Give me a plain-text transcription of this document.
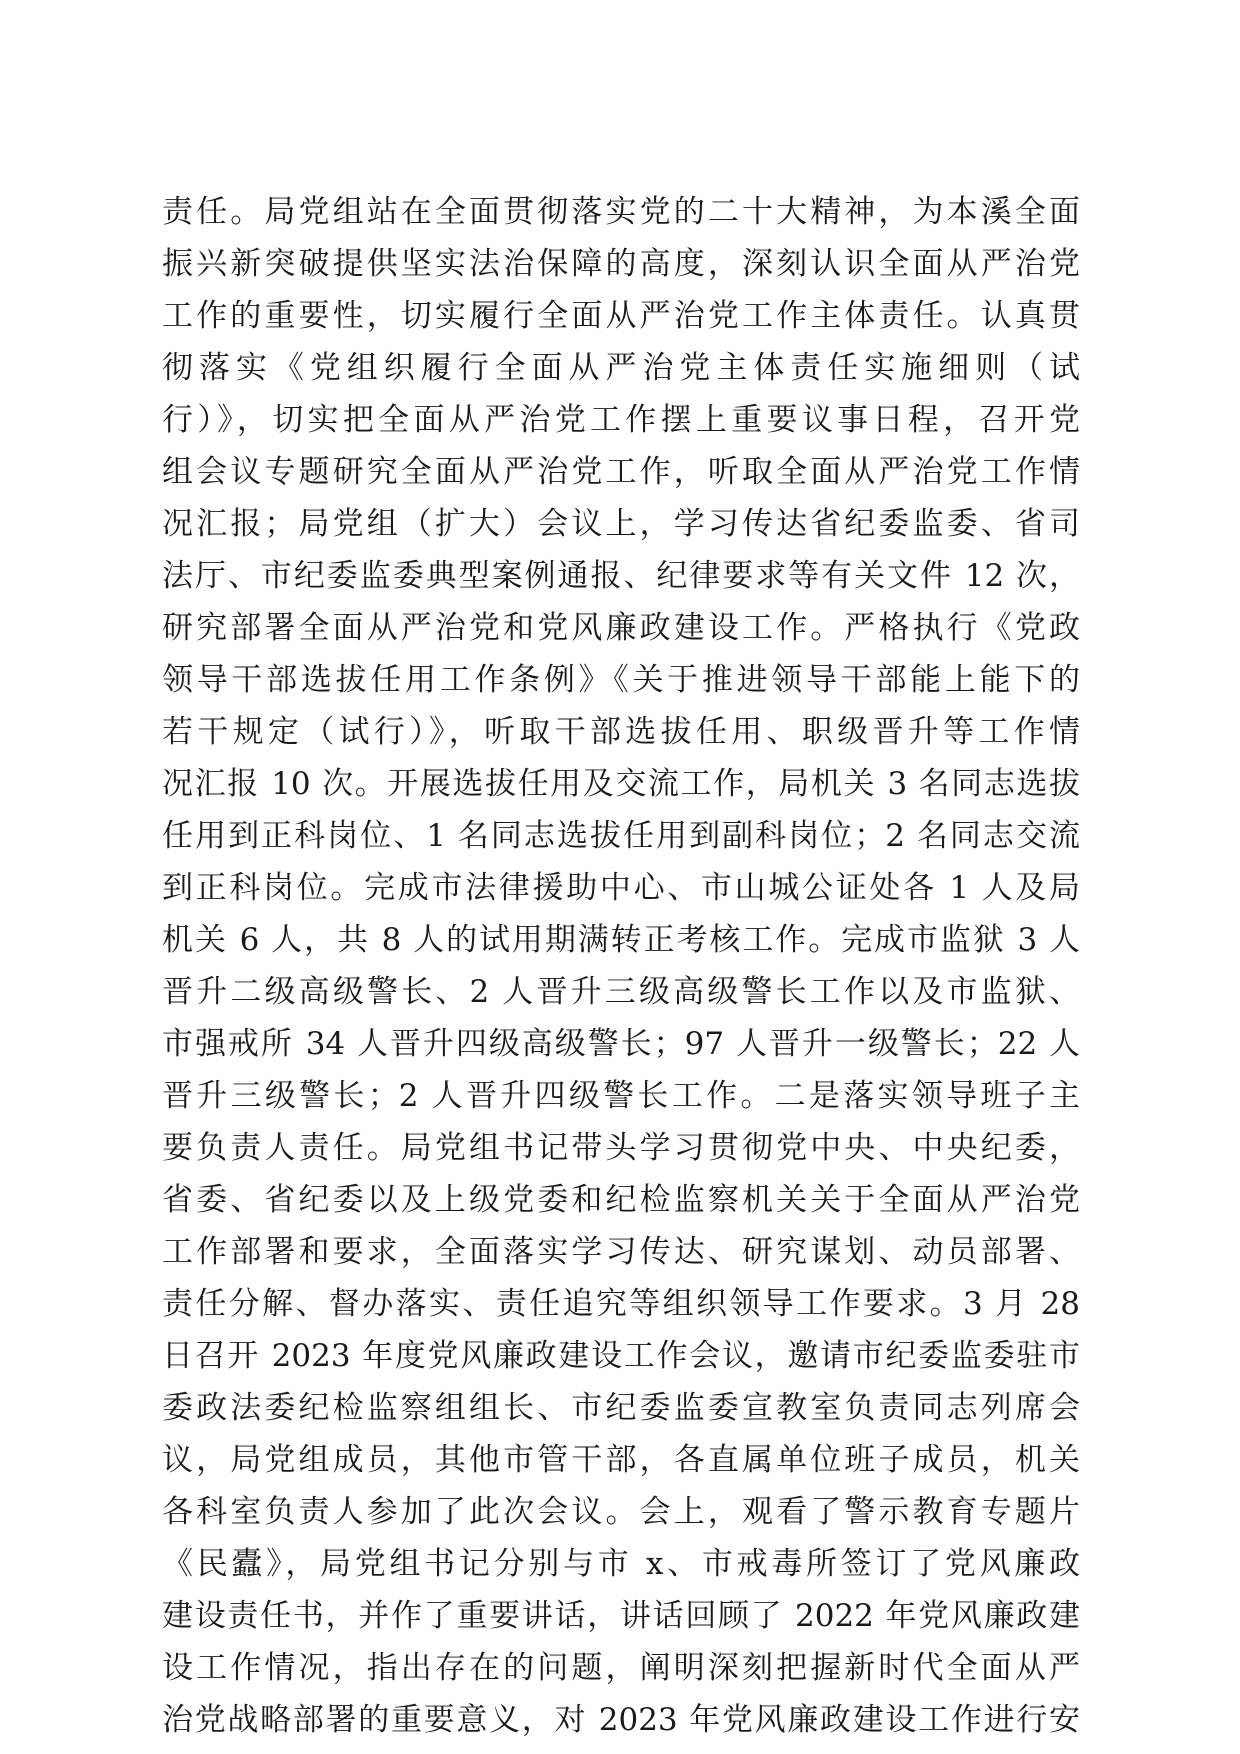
责任。局党组站在全面贯彻落实党的二十大精神，为本溪全面
振兴新突破提供坚实法治保障的高度，深刻认识全面从严治党
工作的重要性，切实履行全面从严治党工作主体责任。认真贯
彻落实《党组织履行全面从严治党主体责任实施细则（试
行）》，切实把全面从严治党工作摆上重要议事日程，召开党
组会议专题研究全面从严治党工作，听取全面从严治党工作情
况汇报；局党组（扩大）会议上，学习传达省纪委监委、省司
法厅、市纪委监委典型案例通报、纪律要求等有关文件 12 次，
研究部署全面从严治党和党风廉政建设工作。严格执行《党政
领导干部选拔任用工作条例》《关于推进领导干部能上能下的
若干规定（试行）》，听取干部选拔任用、职级晋升等工作情
况汇报 10 次。开展选拔任用及交流工作，局机关 3 名同志选拔
任用到正科岗位、1 名同志选拔任用到副科岗位；2 名同志交流
到正科岗位。完成市法律援助中心、市山城公证处各 1 人及局
机关 6 人，共 8 人的试用期满转正考核工作。完成市监狱 3 人
晋升二级高级警长、2 人晋升三级高级警长工作以及市监狱、
市强戒所 34 人晋升四级高级警长；97 人晋升一级警长；22 人
晋升三级警长；2 人晋升四级警长工作。二是落实领导班子主
要负责人责任。局党组书记带头学习贯彻党中央、中央纪委，
省委、省纪委以及上级党委和纪检监察机关关于全面从严治党
工作部署和要求，全面落实学习传达、研究谋划、动员部署、
责任分解、督办落实、责任追究等组织领导工作要求。3 月 28
日召开 2023 年度党风廉政建设工作会议，邀请市纪委监委驻市
委政法委纪检监察组组长、市纪委监委宣教室负责同志列席会
议，局党组成员，其他市管干部，各直属单位班子成员，机关
各科室负责人参加了此次会议。会上，观看了警示教育专题片
《民蠹》，局党组书记分别与市 x、市戒毒所签订了党风廉政
建设责任书，并作了重要讲话，讲话回顾了 2022 年党风廉政建
设工作情况，指出存在的问题，阐明深刻把握新时代全面从严
治党战略部署的重要意义，对 2023 年党风廉政建设工作进行安
